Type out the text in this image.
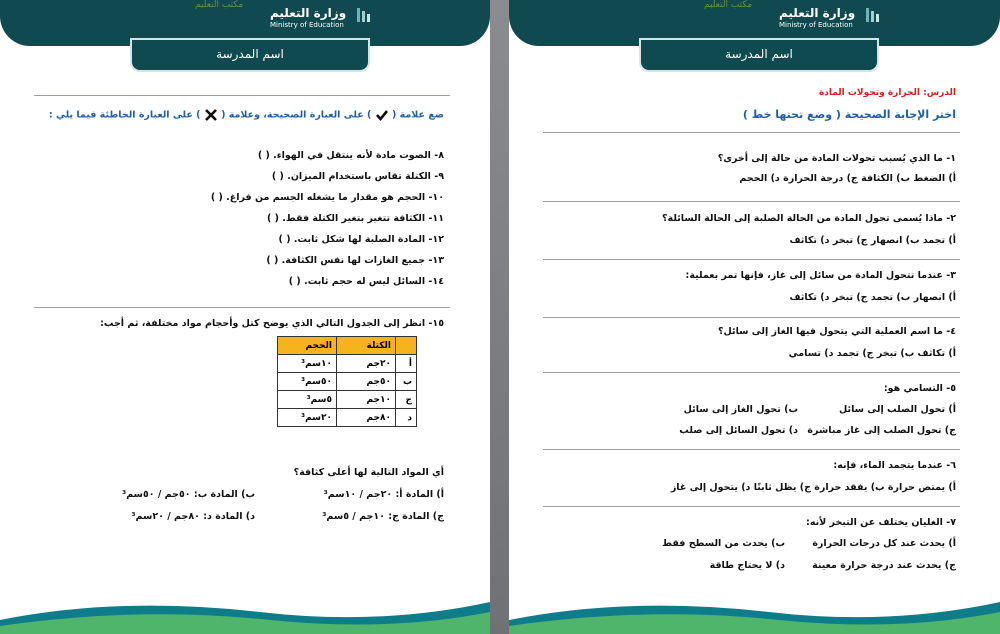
مكتب التعليم
وزارة التعليم
Ministry of Education
اسم المدرسة
ضع علامة (  ) على العبارة الصحيحة، وعلامة (  ) على العبارة الخاطئة فيما يلي :
٨- الصوت مادة لأنه ينتقل في الهواء. ( )
٩- الكتلة تقاس باستخدام الميزان. ( )
١٠- الحجم هو مقدار ما يشغله الجسم من فراغ. ( )
١١- الكثافة تتغير بتغير الكتلة فقط. ( )
١٢- المادة الصلبة لها شكل ثابت. ( )
١٣- جميع الغازات لها نفس الكثافة. ( )
١٤- السائل ليس له حجم ثابت. ( )
١٥- انظر إلى الجدول التالي الذي يوضح كتل وأحجام مواد مختلفة، ثم أجب:
	الكتلة	الحجم
أ	٢٠جم	١٠سم³
ب	٥٠جم	٥٠سم³
ج	١٠جم	٥سم³
د	٨٠جم	٢٠سم³
أي المواد التالية لها أعلى كثافة؟
أ) المادة أ: ٢٠جم / ١٠سم³
ب) المادة ب: ٥٠جم / ٥٠سم³
ج) المادة ج: ١٠جم / ٥سم³
د) المادة د: ٨٠جم / ٢٠سم³
مكتب التعليم
وزارة التعليم
Ministry of Education
اسم المدرسة
الدرس: الحرارة وتحولات المادة
اختر الإجابة الصحيحة ( وضع تحتها خط )
١- ما الذي يُسبب تحولات المادة من حالة إلى أخرى؟
أ) الضغط ب) الكثافة ج) درجة الحرارة د) الحجم
٢- ماذا يُسمى تحول المادة من الحالة الصلبة إلى الحالة السائلة؟
أ) تجمد ب) انصهار ج) تبخر د) تكاثف
٣- عندما تتحول المادة من سائل إلى غاز، فإنها تمر بعملية:
أ) انصهار ب) تجمد ج) تبخر د) تكاثف
٤- ما اسم العملية التي يتحول فيها الغاز إلى سائل؟
أ) تكاثف ب) تبخر ج) تجمد د) تسامي
٥- التسامي هو:
أ) تحول الصلب إلى سائل
ب) تحول الغاز إلى سائل
ج) تحول الصلب إلى غاز مباشرة
د) تحول السائل إلى صلب
٦- عندما يتجمد الماء، فإنه:
أ) يمتص حرارة ب) يفقد حرارة ج) يظل ثابتًا د) يتحول إلى غاز
٧- الغليان يختلف عن التبخر لأنه:
أ) يحدث عند كل درجات الحرارة
ب) يحدث من السطح فقط
ج) يحدث عند درجة حرارة معينة
د) لا يحتاج طاقة
